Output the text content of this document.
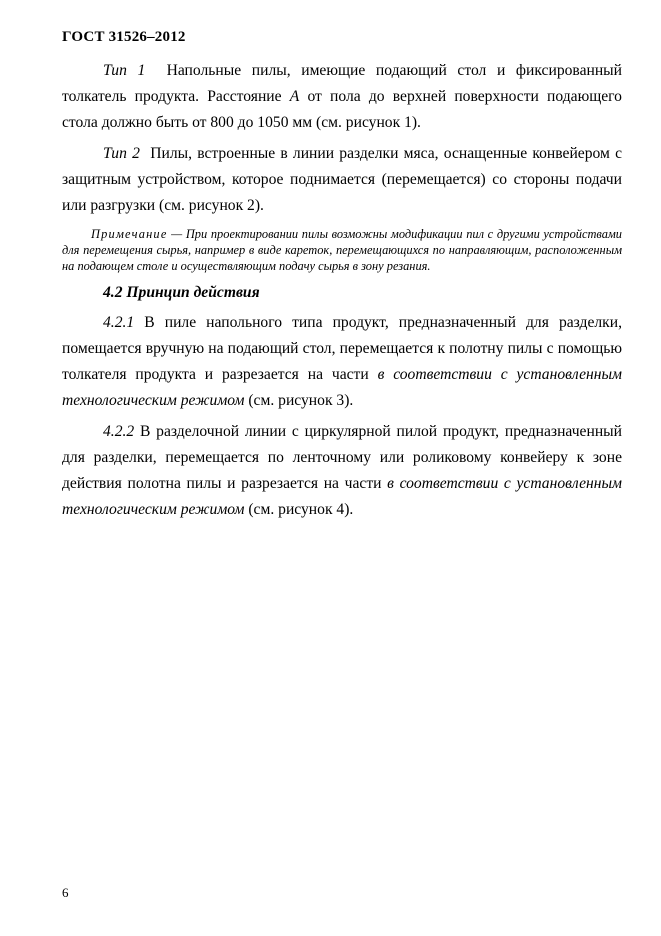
ГОСТ 31526–2012

Тип 1 Напольные пилы, имеющие подающий стол и фиксированный толкатель продукта. Расстояние А от пола до верхней поверхности подающего стола должно быть от 800 до 1050 мм (см. рисунок 1).

Тип 2 Пилы, встроенные в линии разделки мяса, оснащенные конвейером с защитным устройством, которое поднимается (перемещается) со стороны подачи или разгрузки (см. рисунок 2).

Примечание — При проектировании пилы возможны модификации пил с другими устройствами для перемещения сырья, например в виде кареток, перемещающихся по направляющим, расположенным на подающем столе и осуществляющим подачу сырья в зону резания.

4.2 Принцип действия

4.2.1 В пиле напольного типа продукт, предназначенный для разделки, помещается вручную на подающий стол, перемещается к полотну пилы с помощью толкателя продукта и разрезается на части в соответствии с установленным технологическим режимом (см. рисунок 3).

4.2.2 В разделочной линии с циркулярной пилой продукт, предназначенный для разделки, перемещается по ленточному или роликовому конвейеру к зоне действия полотна пилы и разрезается на части в соответствии с установленным технологическим режимом (см. рисунок 4).

6
